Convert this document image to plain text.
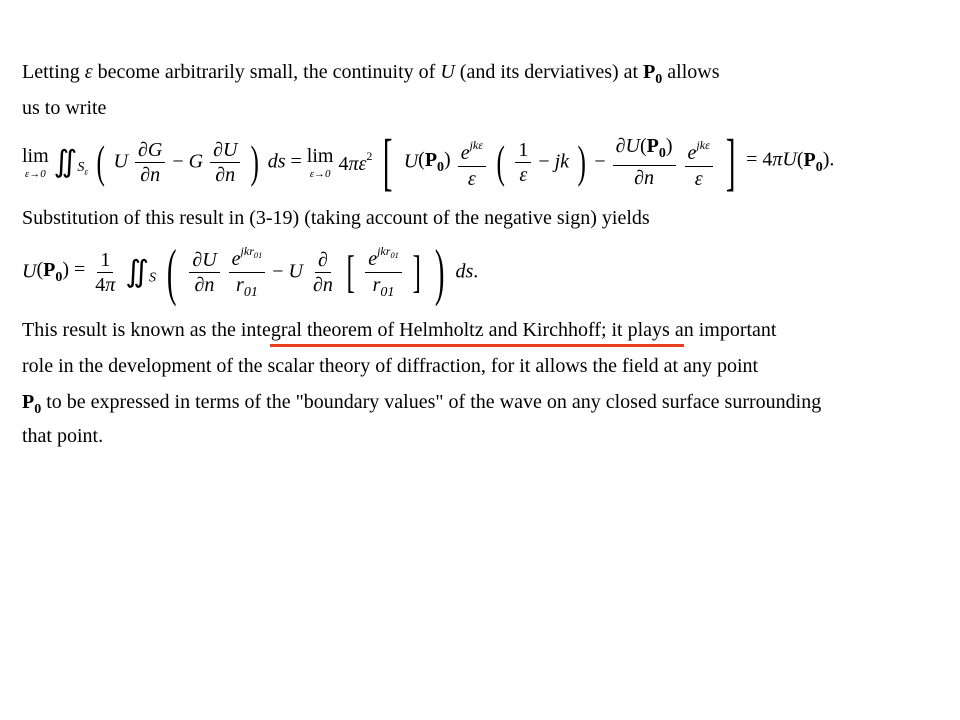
Letting ε become arbitrarily small, the continuity of U (and its derviatives) at $P_0$ allows
us to write
lim
ε→0 $∬_{S_\varepsilon}$ ( U $\frac{\partial G}{\partial n} - G \frac{\partial U}{\partial n}$ ) ds = lim
ε→0 $4\pi\varepsilon^2$ [ $U(P_0) \frac{e^{jk\varepsilon}}{\varepsilon}$ ( $\frac{1}{\varepsilon}$ − jk ) − $\frac{\partial U(P_0)}{\partial n}$
$\frac{e^{jk\varepsilon}}{\varepsilon}$ ] = $4\pi U(P_0)$.
Substitution of this result in (3-19) (taking account of the negative sign) yields
$U(P_0) = \frac{1}{4\pi}$ $∬_S$ ( $\frac{\partial U}{\partial n}$
$\frac{e^{jkr_{01}}}{r_{01}} - U \frac{\partial}{\partial n}$ [ $\frac{e^{jkr_{01}}}{r_{01}}$ ] ) ds.
This result is known as the integral theorem of Helmholtz and Kirchhoff; it plays an important
role in the development of the scalar theory of diffraction, for it allows the field at any point
$P_0$ to be expressed in terms of the "boundary values" of the wave on any closed surface surrounding
that point.
